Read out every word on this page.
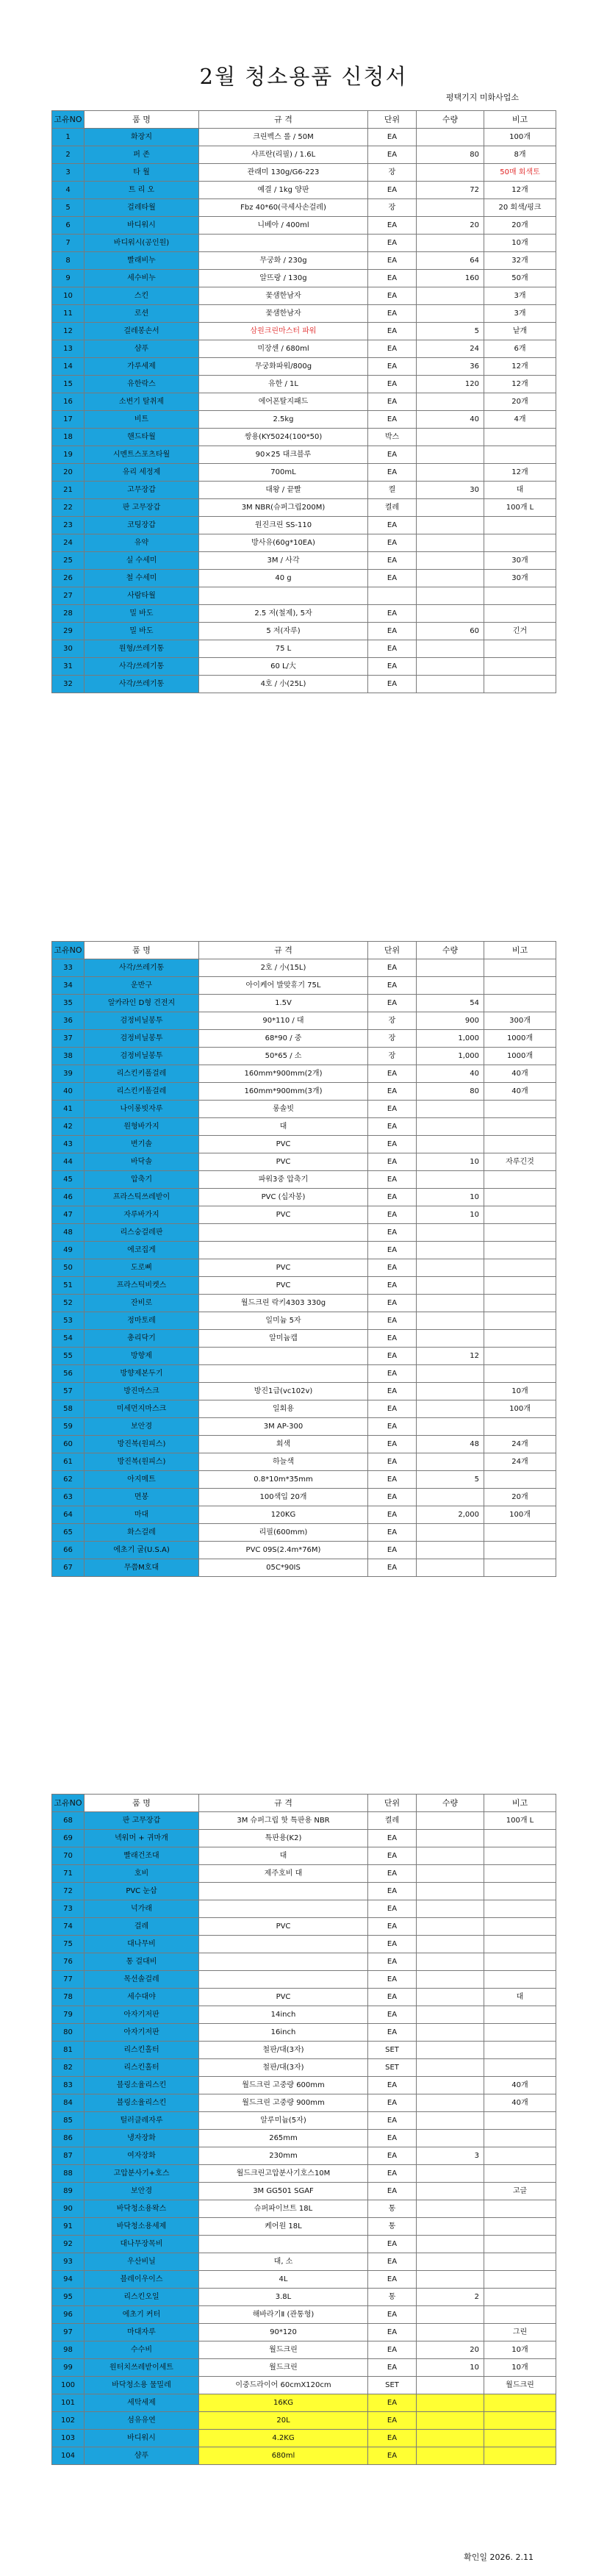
2월 청소용품 신청서
평택기지 미화사업소
고유NO	품 명	규 격	단위	수량	비고
1	화장지	크린벡스 롤 / 50M	EA		100개
2	퍼 존	샤프란(리필) / 1.6L	EA	80	8개
3	타 월	관래미 130g/G6-223	장		50매 회색토
4	트 리 오	예결 / 1kg 양판	EA	72	12개
5	걸레타월	Fbz 40*60(극세사손걸레)	장		20 회색/핑크
6	바디워시	니베아 / 400ml	EA	20	20개
7	바디워시(공인원)		EA		10개
8	빨래비누	무궁화 / 230g	EA	64	32개
9	세수비누	알뜨랑 / 130g	EA	160	50개
10	스킨	꽃샘한남자	EA		3개
11	로션	꽃샘한남자	EA		3개
12	걸레봉손서	삼원크린마스터 파워	EA	5	낱개
13	샴푸	미장센 / 680ml	EA	24	6개
14	가루세제	무궁화파워/800g	EA	36	12개
15	유한락스	유한 / 1L	EA	120	12개
16	소변기 탈취제	에어폰탈지패드	EA		20개
17	비트	2.5kg	EA	40	4개
18	핸드타월	쌍용(KY5024(100*50)	박스		
19	시멘트스포츠타월	90×25 대크블루	EA		
20	유리 세정제	700mL	EA		12개
21	고무장갑	대왕 / 끝빨	켤	30	대
22	판 고무장갑	3M NBR(슈퍼그립200M)	켤레		100개 L
23	코팅장갑	원진크린 SS-110	EA		
24	유약	방사유(60g*10EA)	EA		
25	실 수세미	3M / 사각	EA		30개
26	철 수세미	40 g	EA		30개
27	사람타월				
28	밀 바도	2.5 저(철제), 5자	EA		
29	밀 바도	5 저(자루)	EA	60	긴거
30	원형/쓰레기통	75 L	EA		
31	사각/쓰레기통	60 L/大	EA		
32	사각/쓰레기통	4호 / 小(25L)	EA		
고유NO	품 명	규 격	단위	수량	비고
33	사각/쓰레기통	2호 / 小(15L)	EA		
34	운반구	아이케어 발맞휴기 75L	EA		
35	알카라인 D형 건전지	1.5V	EA	54	
36	검정비닐봉투	90*110 / 대	장	900	300개
37	검정비닐봉투	68*90 / 중	장	1,000	1000개
38	검정비닐봉투	50*65 / 소	장	1,000	1000개
39	리스킨키폴걸레	160mm*900mm(2개)	EA	40	40개
40	리스킨키폴걸레	160mm*900mm(3개)	EA	80	40개
41	나이롱빗자루	롱솔빗	EA		
42	원형바가지	대	EA		
43	변기솔	PVC	EA		
44	바닥솔	PVC	EA	10	자루긴것
45	압축기	파워3중 압축기	EA		
46	프라스틱쓰레받이	PVC (십자봉)	EA	10	
47	자루바가지	PVC	EA	10	
48	리스숭걸레판		EA		
49	에코집게		EA		
50	도로삐	PVC	EA		
51	프라스틱비켓스	PVC	EA		
52	잔비로	월드크린 락키4303 330g	EA		
53	정마토레	일미늄 5자	EA		
54	총리닥기	알미늄캡	EA		
55	방향제		EA	12	
56	방향제본두기		EA		
57	방진마스크	방진1급(vc102v)	EA		10개
58	미세먼지마스크	일회용	EA		100개
59	보안경	3M AP-300	EA		
60	방진복(원피스)	회색	EA	48	24개
61	방진복(원피스)	하늘색	EA		24개
62	아지메트	0.8*10m*35mm	EA	5	
63	면봉	100색입 20개	EA		20개
64	마대	120KG	EA	2,000	100개
65	화스걸레	리필(600mm)	EA		
66	에초기 굴(U.S.A)	PVC 09S(2.4m*76M)	EA		
67	무쯤M호대	05C*90IS	EA		
고유NO	품 명	규 격	단위	수량	비고
68	판 고무장갑	3M 슈퍼그립 핫 특판용 NBR	켤레		100개 L
69	넥워머 + 귀마개	특판용(K2)	EA		
70	빨래건조대	대	EA		
71	호비	제주호비 대	EA		
72	PVC 눈삽		EA		
73	넉가래		EA		
74	걸레	PVC	EA		
75	대나무비		EA		
76	통 걸대비		EA		
77	목선솔걸레		EA		
78	세수대야	PVC	EA		대
79	아자기저판	14inch	EA		
80	아자기저판	16inch	EA		
81	리스킨홀터	철판/대(3자)	SET		
82	리스킨홀터	철판/대(3자)	SET		
83	블링소율리스킨	월드크린 고중량 600mm	EA		40개
84	블링소율리스킨	월드크린 고중량 900mm	EA		40개
85	털러클레자루	알루미늄(5자)	EA		
86	냉자장화	265mm	EA		
87	여자장화	230mm	EA	3	
88	고압분사기+호스	월드크린고압분사기호스10M	EA		
89	보안경	3M GG501 SGAF	EA		고글
90	바닥청소용왁스	슈퍼파이브트 18L	통		
91	바닥청소용세제	케어원 18L	통		
92	대나무장목비		EA		
93	우산비닐	대, 소	EA		
94	블레이우이스	4L	EA		
95	리스킨오일	3.8L	통	2	
96	에초기 커터	해바라기Ⅱ (관통형)	EA		
97	마대자루	90*120	EA		그린
98	수수비	월드크린	EA	20	10개
99	원터치쓰레받이세트	월드크린	EA	10	10개
100	바닥청소용 물밀레	이중드라이어 60cmX120cm	SET		월드크린
101	세탁세제	16KG	EA		
102	섬유유연	20L	EA		
103	바디워시	4.2KG	EA		
104	샴푸	680ml	EA		
확인일 2026. 2.11
